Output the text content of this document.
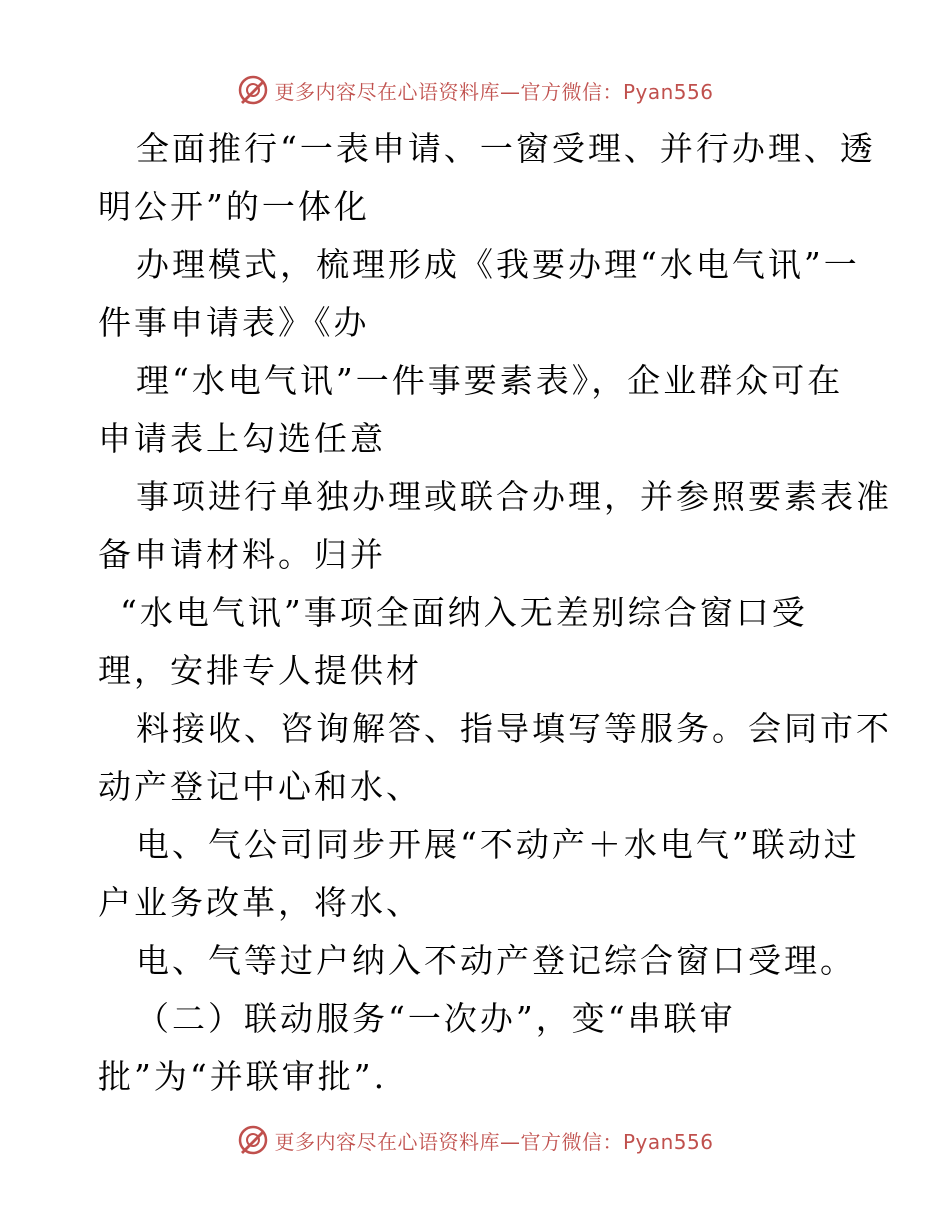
更多内容尽在心语资料库—官方微信：Pyan556
全面推行“一表申请、一窗受理、并行办理、透
明公开”的一体化
办理模式，梳理形成《我要办理“水电气讯”一
件事申请表》《办
理“水电气讯”一件事要素表》，企业群众可在
申请表上勾选任意
事项进行单独办理或联合办理，并参照要素表准
备申请材料。归并
“水电气讯”事项全面纳入无差别综合窗口受
理，安排专人提供材
料接收、咨询解答、指导填写等服务。会同市不
动产登记中心和水、
电、气公司同步开展“不动产＋水电气”联动过
户业务改革，将水、
电、气等过户纳入不动产登记综合窗口受理。
（二）联动服务“一次办”，变“串联审
批”为“并联审批”.
更多内容尽在心语资料库—官方微信：Pyan556
